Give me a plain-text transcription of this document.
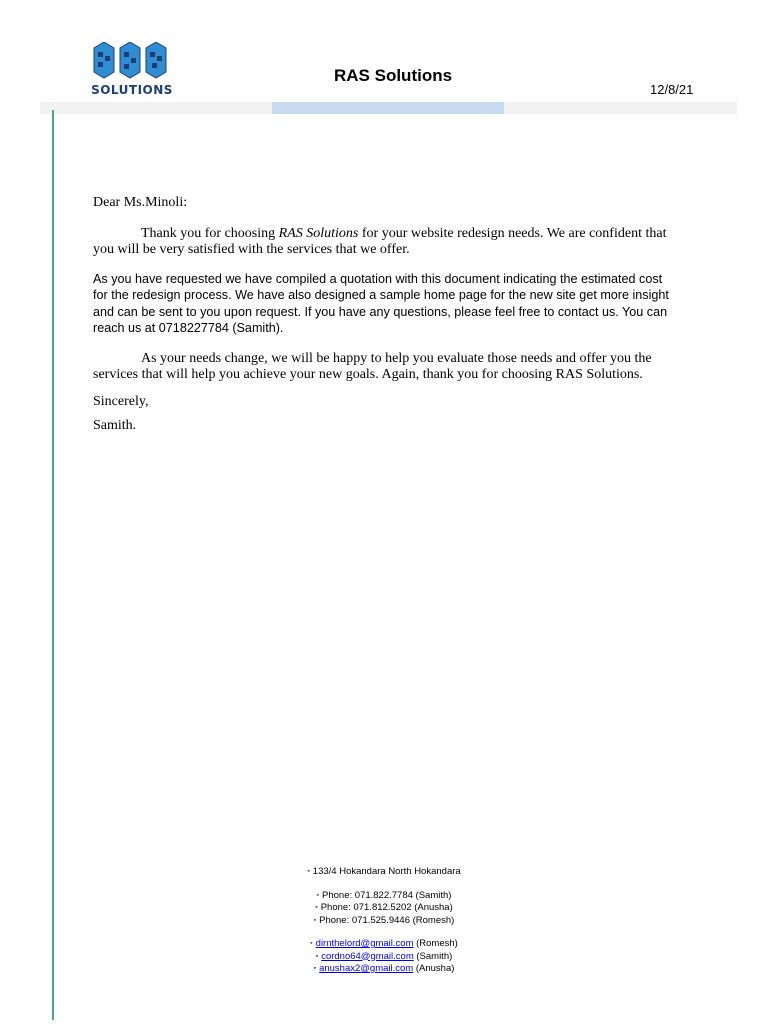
SOLUTIONS
RAS Solutions
12/8/21

Dear Ms.Minoli:

Thank you for choosing RAS Solutions for your website redesign needs. We are confident that you will be very satisfied with the services that we offer.

As you have requested we have compiled a quotation with this document indicating the estimated cost for the redesign process. We have also designed a sample home page for the new site get more insight and can be sent to you upon request. If you have any questions, please feel free to contact us. You can reach us at 0718227784 (Samith).

As your needs change, we will be happy to help you evaluate those needs and offer you the services that will help you achieve your new goals. Again, thank you for choosing RAS Solutions.

Sincerely,

Samith.

▪ 133/4 Hokandara North Hokandara
▪ Phone: 071.822.7784 (Samith)
▪ Phone: 071.812.5202 (Anusha)
▪ Phone: 071.525.9446 (Romesh)
▪ dirnthelord@gmail.com (Romesh)
▪ cordno64@gmail.com (Samith)
▪ anushax2@gmail.com (Anusha)
